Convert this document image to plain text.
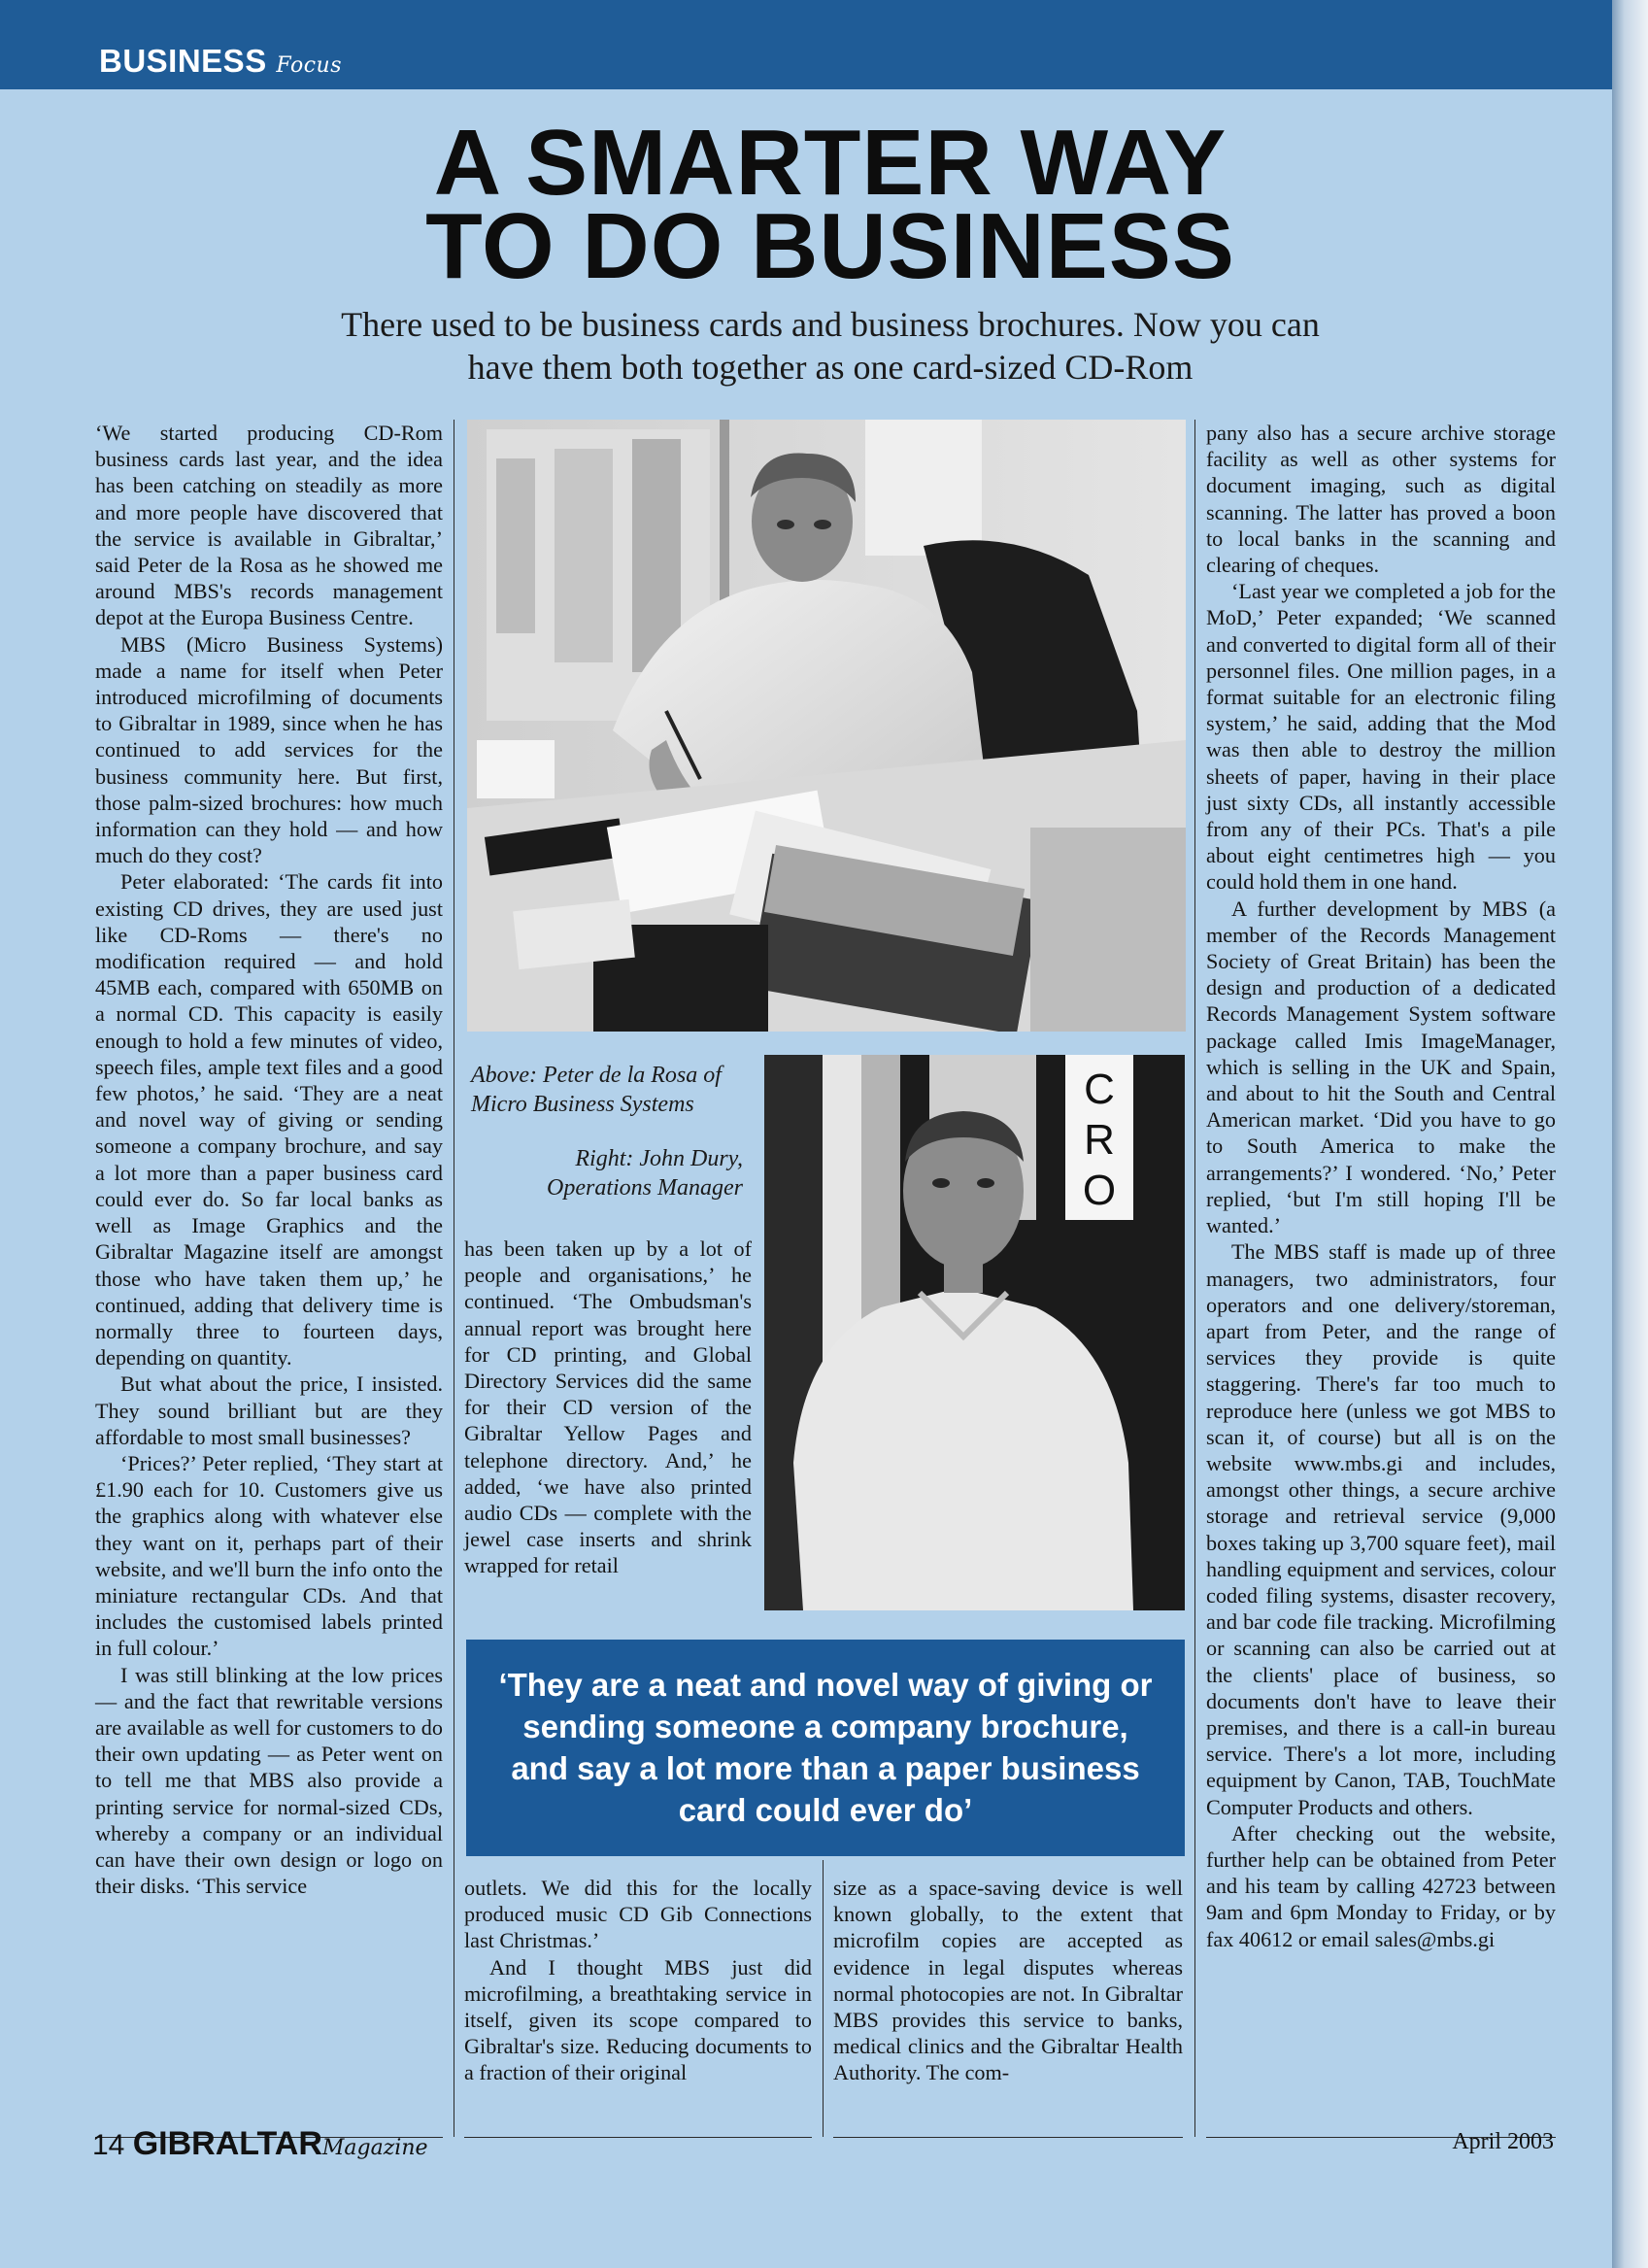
BUSINESS Focus
A SMARTER WAY
TO DO BUSINESS
There used to be business cards and business brochures. Now you can have them both together as one card-sized CD-Rom

‘We started producing CD-Rom business cards last year, and the idea has been catching on steadily as more and more people have discovered that the service is available in Gibraltar,’ said Peter de la Rosa as he showed me around MBS's records management depot at the Europa Business Centre.

MBS (Micro Business Systems) made a name for itself when Peter introduced microfilming of documents to Gibraltar in 1989, since when he has continued to add services for the business community here. But first, those palm-sized brochures: how much information can they hold — and how much do they cost?

Peter elaborated: ‘The cards fit into existing CD drives, they are used just like CD-Roms — there's no modification required — and hold 45MB each, compared with 650MB on a normal CD. This capacity is easily enough to hold a few minutes of video, speech files, ample text files and a good few photos,’ he said. ‘They are a neat and novel way of giving or sending someone a company brochure, and say a lot more than a paper business card could ever do. So far local banks as well as Image Graphics and the Gibraltar Magazine itself are amongst those who have taken them up,’ he continued, adding that delivery time is normally three to fourteen days, depending on quantity.

But what about the price, I insisted. They sound brilliant but are they affordable to most small businesses?

‘Prices?’ Peter replied, ‘They start at £1.90 each for 10. Customers give us the graphics along with whatever else they want on it, perhaps part of their website, and we'll burn the info onto the miniature rectangular CDs. And that includes the customised labels printed in full colour.’

I was still blinking at the low prices — and the fact that rewritable versions are available as well for customers to do their own updating — as Peter went on to tell me that MBS also provide a printing service for normal-sized CDs, whereby a company or an individual can have their own design or logo on their disks. ‘This service

Above: Peter de la Rosa of Micro Business Systems
Right: John Dury, Operations Manager

has been taken up by a lot of people and organisations,’ he continued. ‘The Ombudsman's annual report was brought here for CD printing, and Global Directory Services did the same for their CD version of the Gibraltar Yellow Pages and telephone directory. And,’ he added, ‘we have also printed audio CDs — complete with the jewel case inserts and shrink wrapped for retail

C
R
O
‘They are a neat and novel way of giving or sending someone a company brochure, and say a lot more than a paper business card could ever do’

outlets. We did this for the locally produced music CD Gib Connections last Christmas.’

And I thought MBS just did microfilming, a breathtaking service in itself, given its scope compared to Gibraltar's size. Reducing documents to a fraction of their original

size as a space-saving device is well known globally, to the extent that microfilm copies are accepted as evidence in legal disputes whereas normal photocopies are not. In Gibraltar MBS provides this service to banks, medical clinics and the Gibraltar Health Authority. The com-

pany also has a secure archive storage facility as well as other systems for document imaging, such as digital scanning. The latter has proved a boon to local banks in the scanning and clearing of cheques.

‘Last year we completed a job for the MoD,’ Peter expanded; ‘We scanned and converted to digital form all of their personnel files. One million pages, in a format suitable for an electronic filing system,’ he said, adding that the Mod was then able to destroy the million sheets of paper, having in their place just sixty CDs, all instantly accessible from any of their PCs. That's a pile about eight centimetres high — you could hold them in one hand.

A further development by MBS (a member of the Records Management Society of Great Britain) has been the design and production of a dedicated Records Management System software package called Imis ImageManager, which is selling in the UK and Spain, and about to hit the South and Central American market. ‘Did you have to go to South America to make the arrangements?’ I wondered. ‘No,’ Peter replied, ‘but I'm still hoping I'll be wanted.’

The MBS staff is made up of three managers, two administrators, four operators and one delivery/storeman, apart from Peter, and the range of services they provide is quite staggering. There's far too much to reproduce here (unless we got MBS to scan it, of course) but all is on the website www.mbs.gi and includes, amongst other things, a secure archive storage and retrieval service (9,000 boxes taking up 3,700 square feet), mail handling equipment and services, colour coded filing systems, disaster recovery, and bar code file tracking. Microfilming or scanning can also be carried out at the clients' place of business, so documents don't have to leave their premises, and there is a call-in bureau service. There's a lot more, including equipment by Canon, TAB, TouchMate Computer Products and others.

After checking out the website, further help can be obtained from Peter and his team by calling 42723 between 9am and 6pm Monday to Friday, or by fax 40612 or email sales@mbs.gi

14 GIBRALTARMagazine	April 2003
